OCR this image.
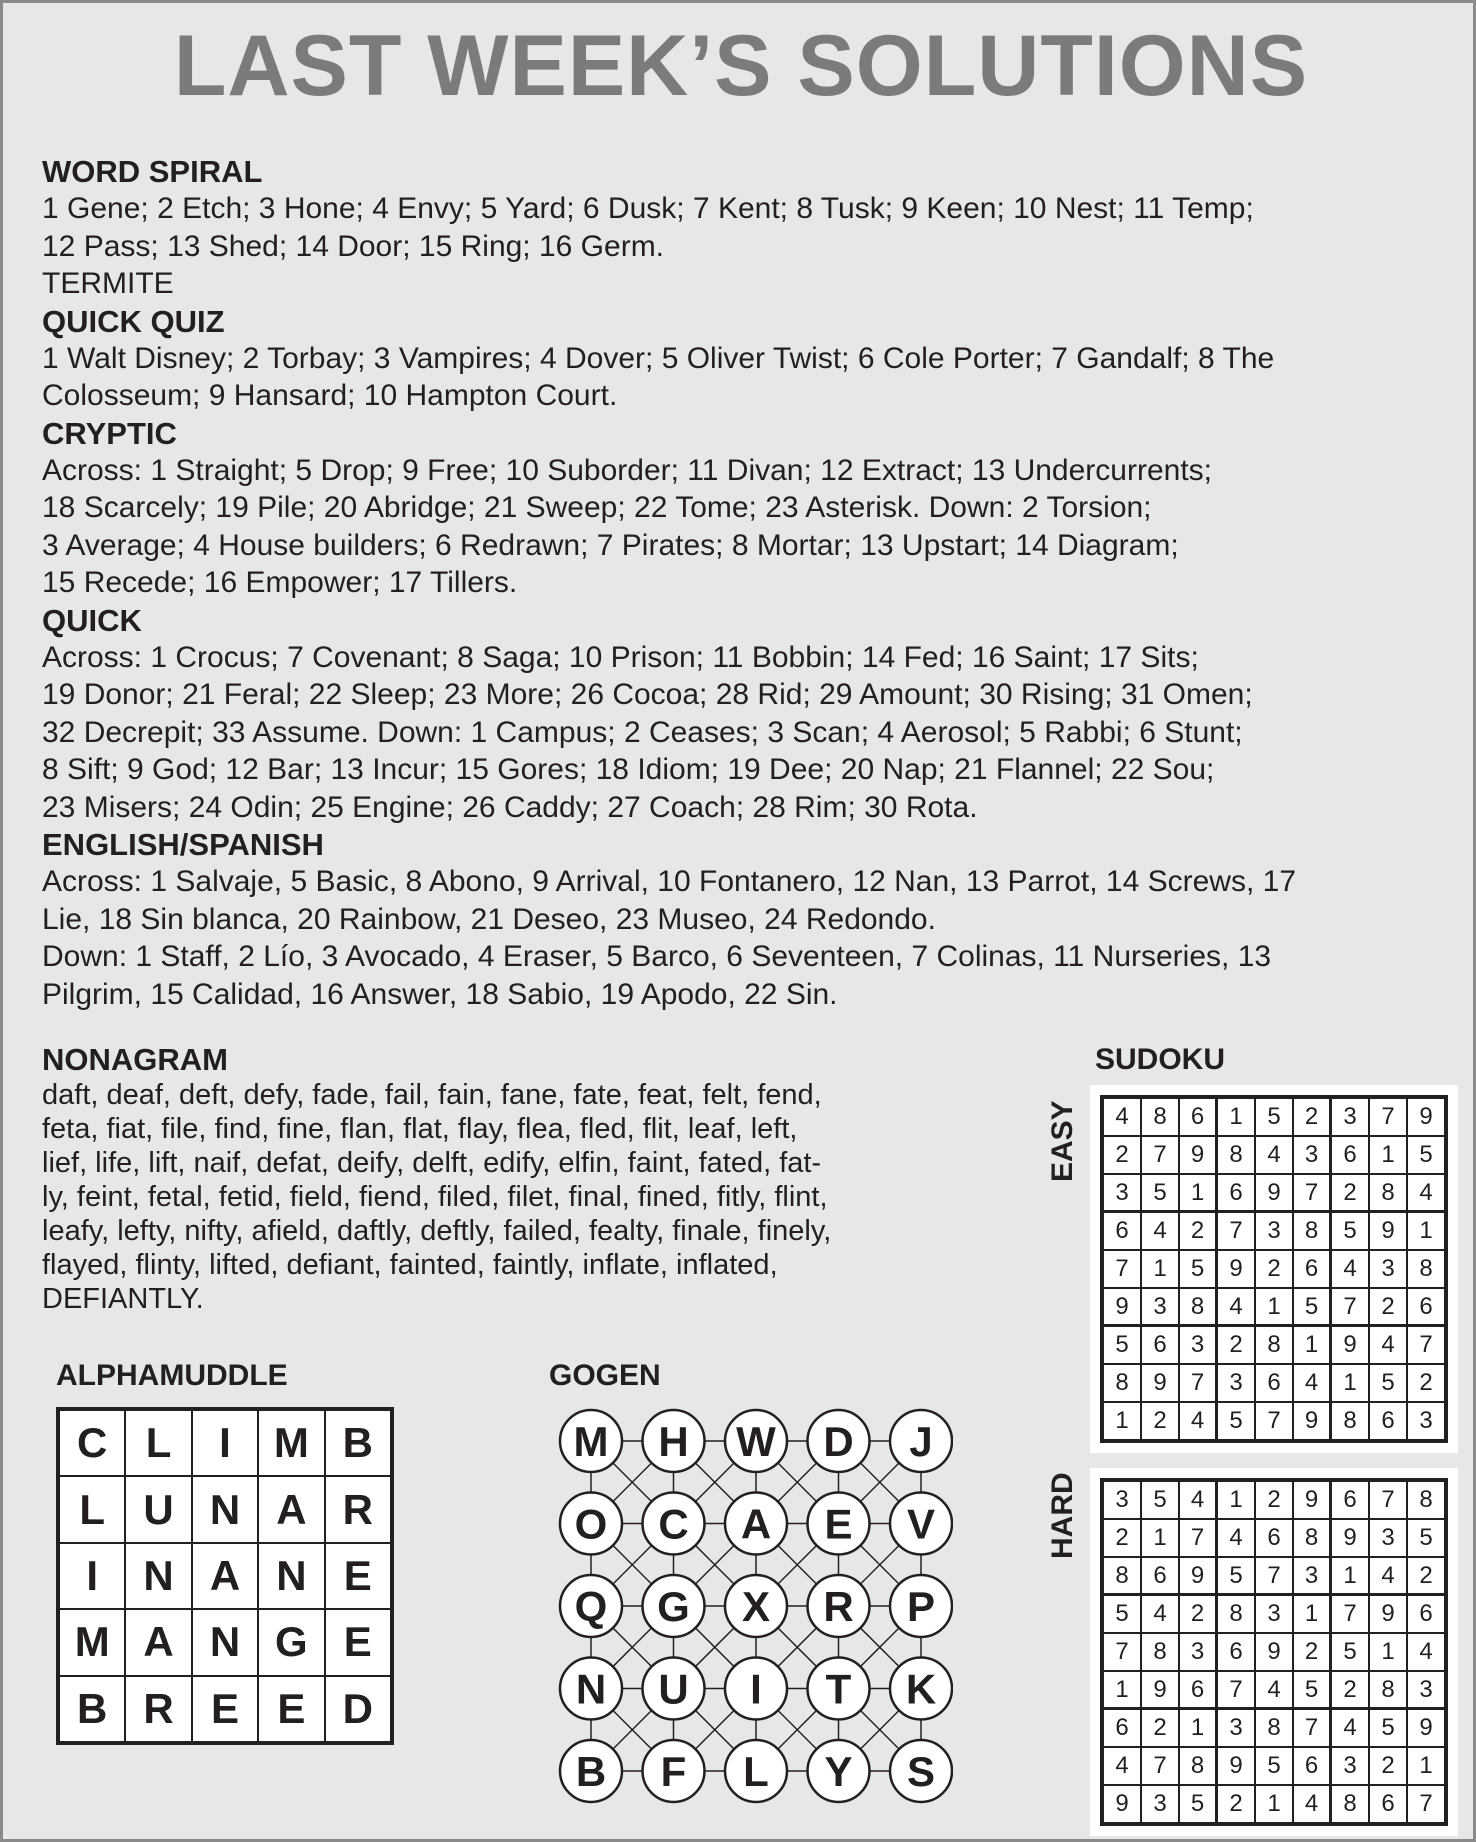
LAST WEEK’S SOLUTIONS
WORD SPIRAL
1 Gene; 2 Etch; 3 Hone; 4 Envy; 5 Yard; 6 Dusk; 7 Kent; 8 Tusk; 9 Keen; 10 Nest; 11 Temp;
12 Pass; 13 Shed; 14 Door; 15 Ring; 16 Germ.
TERMITE
QUICK QUIZ
1 Walt Disney; 2 Torbay; 3 Vampires; 4 Dover; 5 Oliver Twist; 6 Cole Porter; 7 Gandalf; 8 The
Colosseum; 9 Hansard; 10 Hampton Court.
CRYPTIC
Across: 1 Straight; 5 Drop; 9 Free; 10 Suborder; 11 Divan; 12 Extract; 13 Undercurrents;
18 Scarcely; 19 Pile; 20 Abridge; 21 Sweep; 22 Tome; 23 Asterisk. Down: 2 Torsion;
3 Average; 4 House builders; 6 Redrawn; 7 Pirates; 8 Mortar; 13 Upstart; 14 Diagram;
15 Recede; 16 Empower; 17 Tillers.
QUICK
Across: 1 Crocus; 7 Covenant; 8 Saga; 10 Prison; 11 Bobbin; 14 Fed; 16 Saint; 17 Sits;
19 Donor; 21 Feral; 22 Sleep; 23 More; 26 Cocoa; 28 Rid; 29 Amount; 30 Rising; 31 Omen;
32 Decrepit; 33 Assume. Down: 1 Campus; 2 Ceases; 3 Scan; 4 Aerosol; 5 Rabbi; 6 Stunt;
8 Sift; 9 God; 12 Bar; 13 Incur; 15 Gores; 18 Idiom; 19 Dee; 20 Nap; 21 Flannel; 22 Sou;
23 Misers; 24 Odin; 25 Engine; 26 Caddy; 27 Coach; 28 Rim; 30 Rota.
ENGLISH/SPANISH
Across: 1 Salvaje, 5 Basic, 8 Abono, 9 Arrival, 10 Fontanero, 12 Nan, 13 Parrot, 14 Screws, 17
Lie, 18 Sin blanca, 20 Rainbow, 21 Deseo, 23 Museo, 24 Redondo.
Down: 1 Staff, 2 Lío, 3 Avocado, 4 Eraser, 5 Barco, 6 Seventeen, 7 Colinas, 11 Nurseries, 13
Pilgrim, 15 Calidad, 16 Answer, 18 Sabio, 19 Apodo, 22 Sin.
NONAGRAM
daft, deaf, deft, defy, fade, fail, fain, fane, fate, feat, felt, fend,
feta, fiat, file, find, fine, flan, flat, flay, flea, fled, flit, leaf, left,
lief, life, lift, naif, defat, deify, delft, edify, elfin, faint, fated, fat-
ly, feint, fetal, fetid, field, fiend, filed, filet, final, fined, fitly, flint,
leafy, lefty, nifty, afield, daftly, deftly, failed, fealty, finale, finely,
flayed, flinty, lifted, defiant, fainted, faintly, inflate, inflated,
DEFIANTLY.
ALPHAMUDDLE
C L	I	M B
L U N A R
I	N A N E
M A N G E
B R E E D
GOGEN
M H W D J
O C A E V
Q G X R P
N U I T K
B F L Y S
SUDOKU
EASY	4	8	6	1	5	2	3	7	9
2	7	9	8	4	3	6	1	5
3	5	1	6	9	7	2	8	4
6	4	2	7	3	8	5	9	1
7	1	5	9	2	6	4	3	8
9	3	8	4	1	5	7	2	6
5	6	3	2	8	1	9	4	7
8	9	7	3	6	4	1	5	2
1	2	4	5	7	9	8	6	3
HARD	3	5	4	1	2	9	6	7	8
2	1	7	4	6	8	9	3	5
8	6	9	5	7	3	1	4	2
5	4	2	8	3	1	7	9	6
7	8	3	6	9	2	5	1	4
1	9	6	7	4	5	2	8	3
6	2	1	3	8	7	4	5	9
4	7	8	9	5	6	3	2	1
9	3	5	2	1	4	8	6	7
